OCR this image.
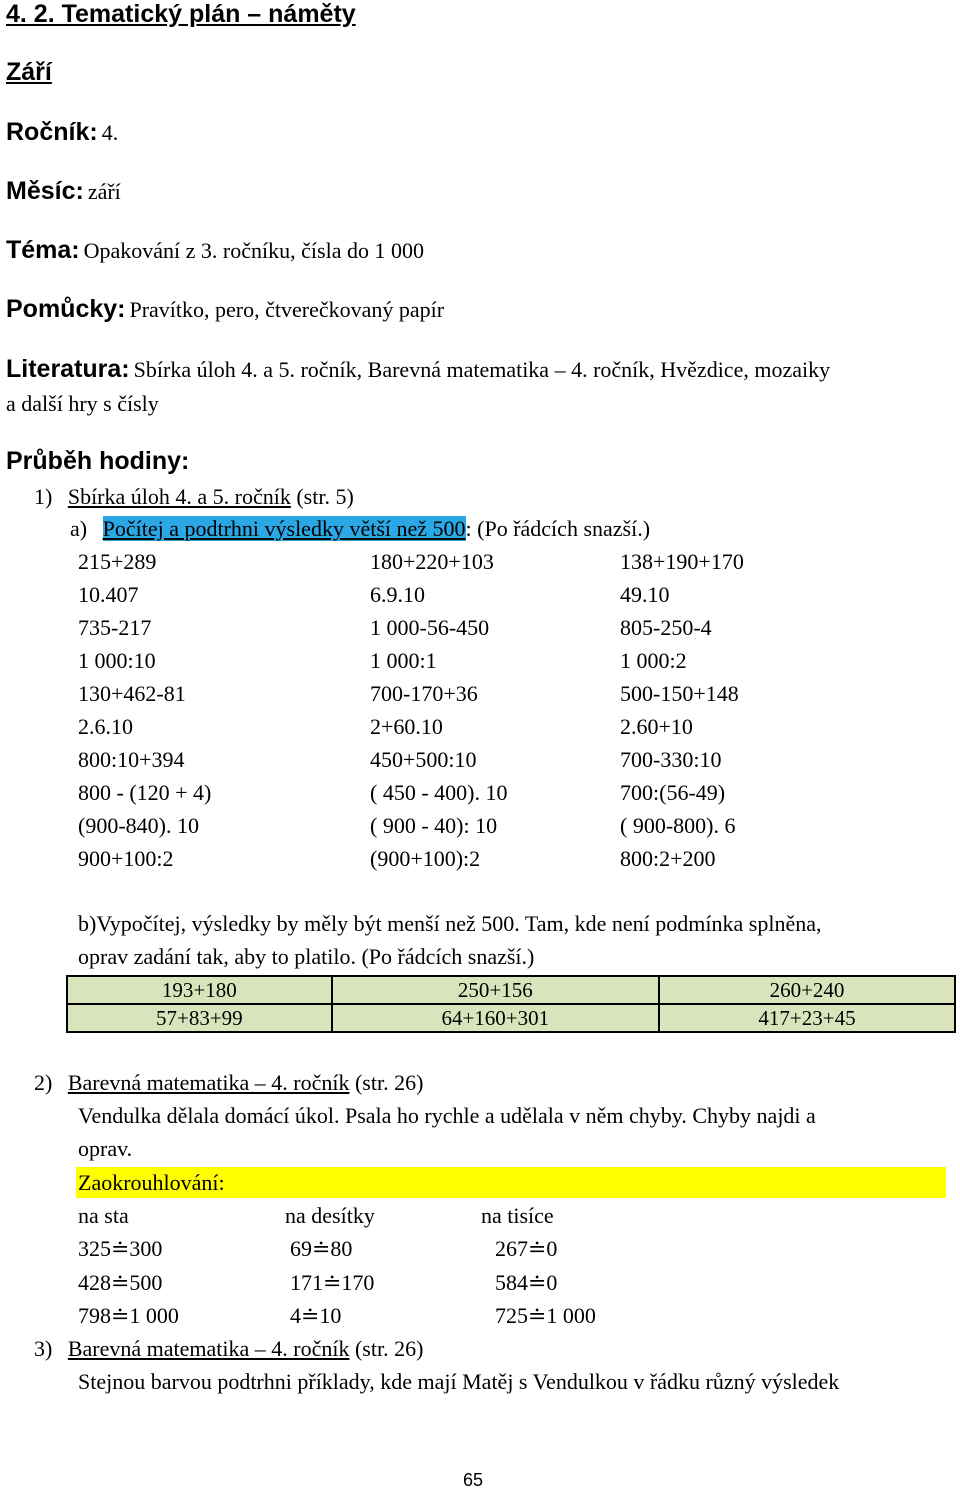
4. 2. Tematický plán – náměty
Září
Ročník: 4.
Měsíc: září
Téma: Opakování z 3. ročníku, čísla do 1 000
Pomůcky: Pravítko, pero, čtverečkovaný papír
Literatura: Sbírka úloh 4. a 5. ročník, Barevná matematika – 4. ročník, Hvězdice, mozaiky
a další hry s čísly
Průběh hodiny:
1) Sbírka úloh 4. a 5. ročník (str. 5)
a) Počítej a podtrhni výsledky větší než 500: (Po řádcích snazší.)
215+289	180+220+103	138+190+170
10.407	6.9.10	49.10
735-217	1 000-56-450	805-250-4
1 000:10	1 000:1	1 000:2
130+462-81	700-170+36	500-150+148
2.6.10	2+60.10	2.60+10
800:10+394	450+500:10	700-330:10
800 - (120 + 4)	( 450 - 400). 10	700:(56-49)
(900-840). 10	( 900 - 40): 10	( 900-800). 6
900+100:2	(900+100):2	800:2+200
b)Vypočítej, výsledky by měly být menší než 500. Tam, kde není podmínka splněna,
oprav zadání tak, aby to platilo. (Po řádcích snazší.)
193+180	250+156	260+240
57+83+99	64+160+301	417+23+45
2) Barevná matematika – 4. ročník (str. 26)
Vendulka dělala domácí úkol. Psala ho rychle a udělala v něm chyby. Chyby najdi a
oprav.
Zaokrouhlování:
na sta	na desítky	na tisíce
325≐300	69≐80	267≐0
428≐500	171≐170	584≐0
798≐1 000	4≐10	725≐1 000
3) Barevná matematika – 4. ročník (str. 26)
Stejnou barvou podtrhni příklady, kde mají Matěj s Vendulkou v řádku různý výsledek
65
